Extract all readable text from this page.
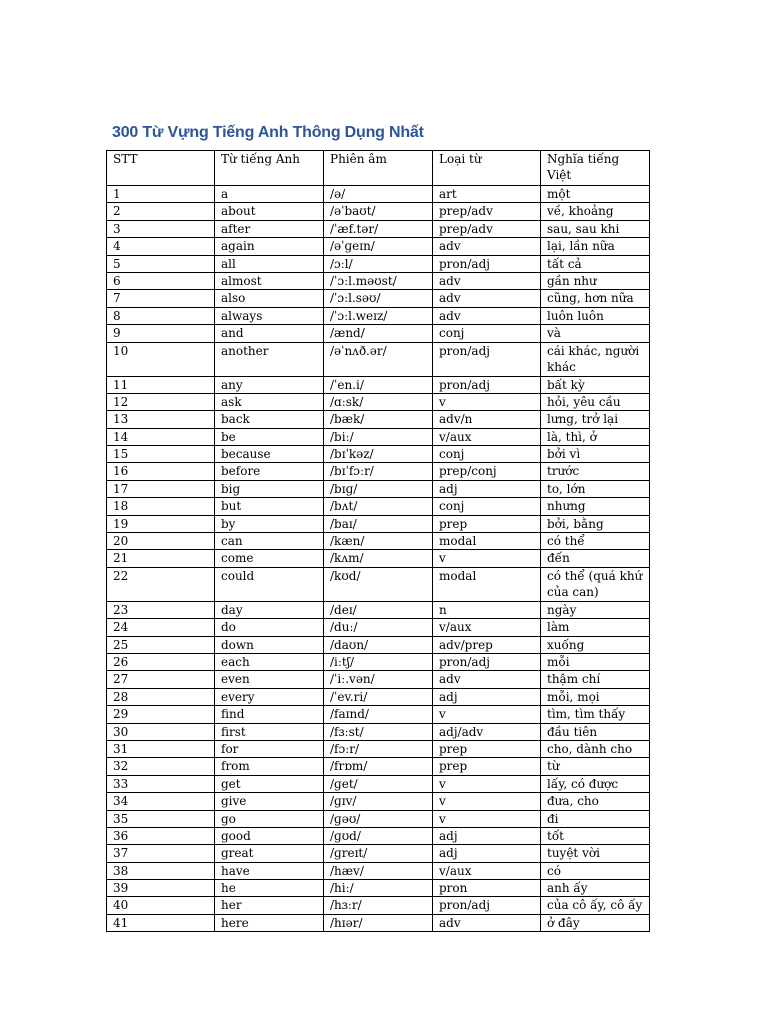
300 Từ Vựng Tiếng Anh Thông Dụng Nhất
STT	Từ tiếng Anh	Phiên âm	Loại từ	Nghĩa tiếng Việt
1	a	/ə/	art	một
2	about	/əˈbaʊt/	prep/adv	về, khoảng
3	after	/ˈæf.tər/	prep/adv	sau, sau khi
4	again	/əˈɡeɪn/	adv	lại, lần nữa
5	all	/ɔːl/	pron/adj	tất cả
6	almost	/ˈɔːl.məʊst/	adv	gần như
7	also	/ˈɔːl.səʊ/	adv	cũng, hơn nữa
8	always	/ˈɔːl.weɪz/	adv	luôn luôn
9	and	/ænd/	conj	và
10	another	/əˈnʌð.ər/	pron/adj	cái khác, người khác
11	any	/ˈen.i/	pron/adj	bất kỳ
12	ask	/ɑːsk/	v	hỏi, yêu cầu
13	back	/bæk/	adv/n	lưng, trở lại
14	be	/biː/	v/aux	là, thì, ở
15	because	/bɪˈkəz/	conj	bởi vì
16	before	/bɪˈfɔːr/	prep/conj	trước
17	big	/bɪɡ/	adj	to, lớn
18	but	/bʌt/	conj	nhưng
19	by	/baɪ/	prep	bởi, bằng
20	can	/kæn/	modal	có thể
21	come	/kʌm/	v	đến
22	could	/kʊd/	modal	có thể (quá khứ của can)
23	day	/deɪ/	n	ngày
24	do	/duː/	v/aux	làm
25	down	/daʊn/	adv/prep	xuống
26	each	/iːtʃ/	pron/adj	mỗi
27	even	/ˈiː.vən/	adv	thậm chí
28	every	/ˈev.ri/	adj	mỗi, mọi
29	find	/faɪnd/	v	tìm, tìm thấy
30	first	/fɜːst/	adj/adv	đầu tiên
31	for	/fɔːr/	prep	cho, dành cho
32	from	/frɒm/	prep	từ
33	get	/ɡet/	v	lấy, có được
34	give	/ɡɪv/	v	đưa, cho
35	go	/ɡəʊ/	v	đi
36	good	/ɡʊd/	adj	tốt
37	great	/ɡreɪt/	adj	tuyệt vời
38	have	/hæv/	v/aux	có
39	he	/hiː/	pron	anh ấy
40	her	/hɜːr/	pron/adj	của cô ấy, cô ấy
41	here	/hɪər/	adv	ở đây
